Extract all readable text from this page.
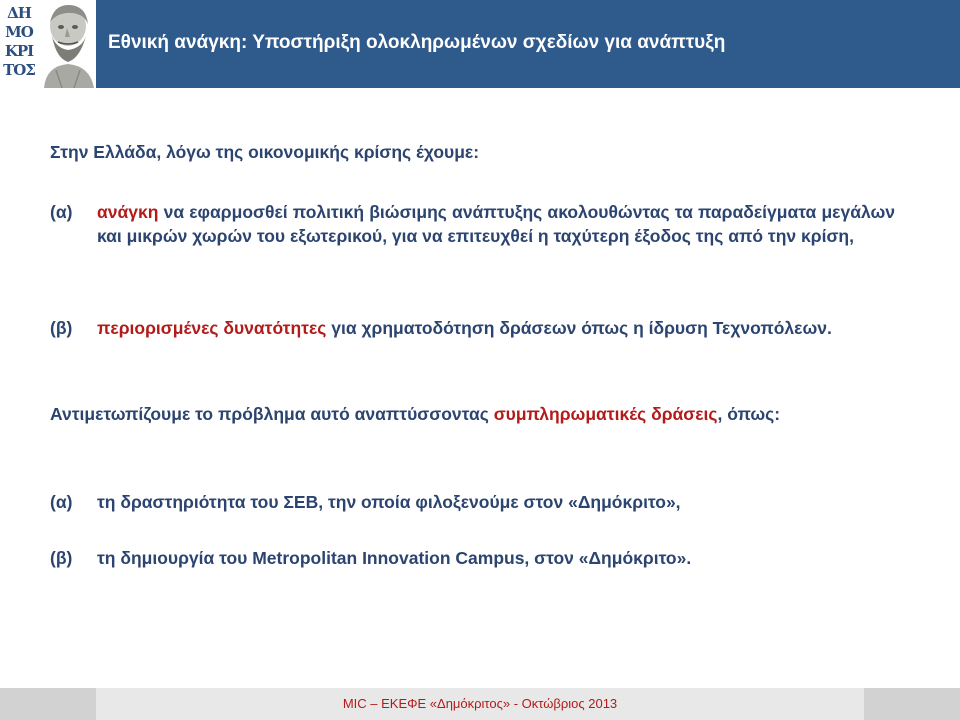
ΔΗ
ΜΟ
ΚΡΙ
ΤΟΣ
Εθνική ανάγκη: Υποστήριξη ολοκληρωμένων σχεδίων για ανάπτυξη
Στην Ελλάδα, λόγω της οικονομικής κρίσης έχουμε:
(α)	ανάγκη να εφαρμοσθεί πολιτική βιώσιμης ανάπτυξης ακολουθώντας τα παραδείγματα μεγάλων και μικρών χωρών του εξωτερικού, για να επιτευχθεί η ταχύτερη έξοδος της από την κρίση,
(β)	περιορισμένες δυνατότητες για χρηματοδότηση δράσεων όπως η ίδρυση Τεχνοπόλεων.
Αντιμετωπίζουμε το πρόβλημα αυτό αναπτύσσοντας συμπληρωματικές δράσεις, όπως:
(α)	τη δραστηριότητα του ΣΕΒ, την οποία φιλοξενούμε στον «Δημόκριτο»,
(β)	τη δημιουργία του Metropolitan Innovation Campus, στον «Δημόκριτο».
MIC – ΕΚΕΦΕ «Δημόκριτος» - Οκτώβριος 2013
